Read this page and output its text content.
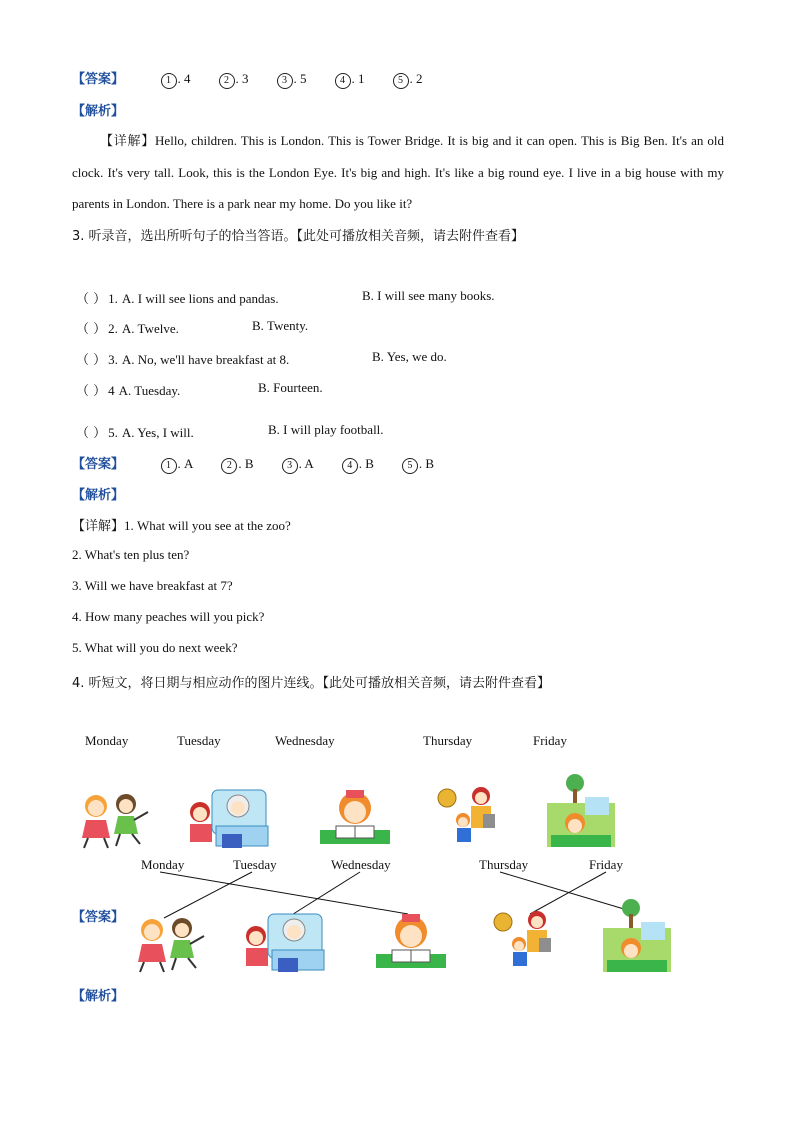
【答案】	1 . 4	2 . 3	3 . 5	4 . 1	5 . 2
【解析】
【详解】Hello, children. This is London. This is Tower Bridge. It is big and it can open. This is Big Ben. It's an old clock. It's very tall. Look, this is the London Eye. It's big and high. It's like a big round eye. I live in a big house with my parents in London. There is a park near my home. Do you like it?
3. 听录音，选出所听句子的恰当答语。【此处可播放相关音频，请去附件查看】
（ ） 1. A. I will see lions and pandas.	B. I will see many books.
（ ） 2. A. Twelve.	B. Twenty.
（ ） 3. A. No, we'll have breakfast at 8.	B. Yes, we do.
（ ） 4 A. Tuesday.	B. Fourteen.
（ ） 5. A. Yes, I will.	B. I will play football.
【答案】	1 . A	2 . B	3 . A	4 . B	5 . B
【解析】
【详解】1. What will you see at the zoo?
2. What's ten plus ten?
3. Will we have breakfast at 7?
4. How many peaches will you pick?
5. What will you do next week?
4. 听短文，将日期与相应动作的图片连线。【此处可播放相关音频，请去附件查看】
Monday	Tuesday	Wednesday	Thursday	Friday
【答案】
Monday	Tuesday	Wednesday	Thursday	Friday
【解析】
